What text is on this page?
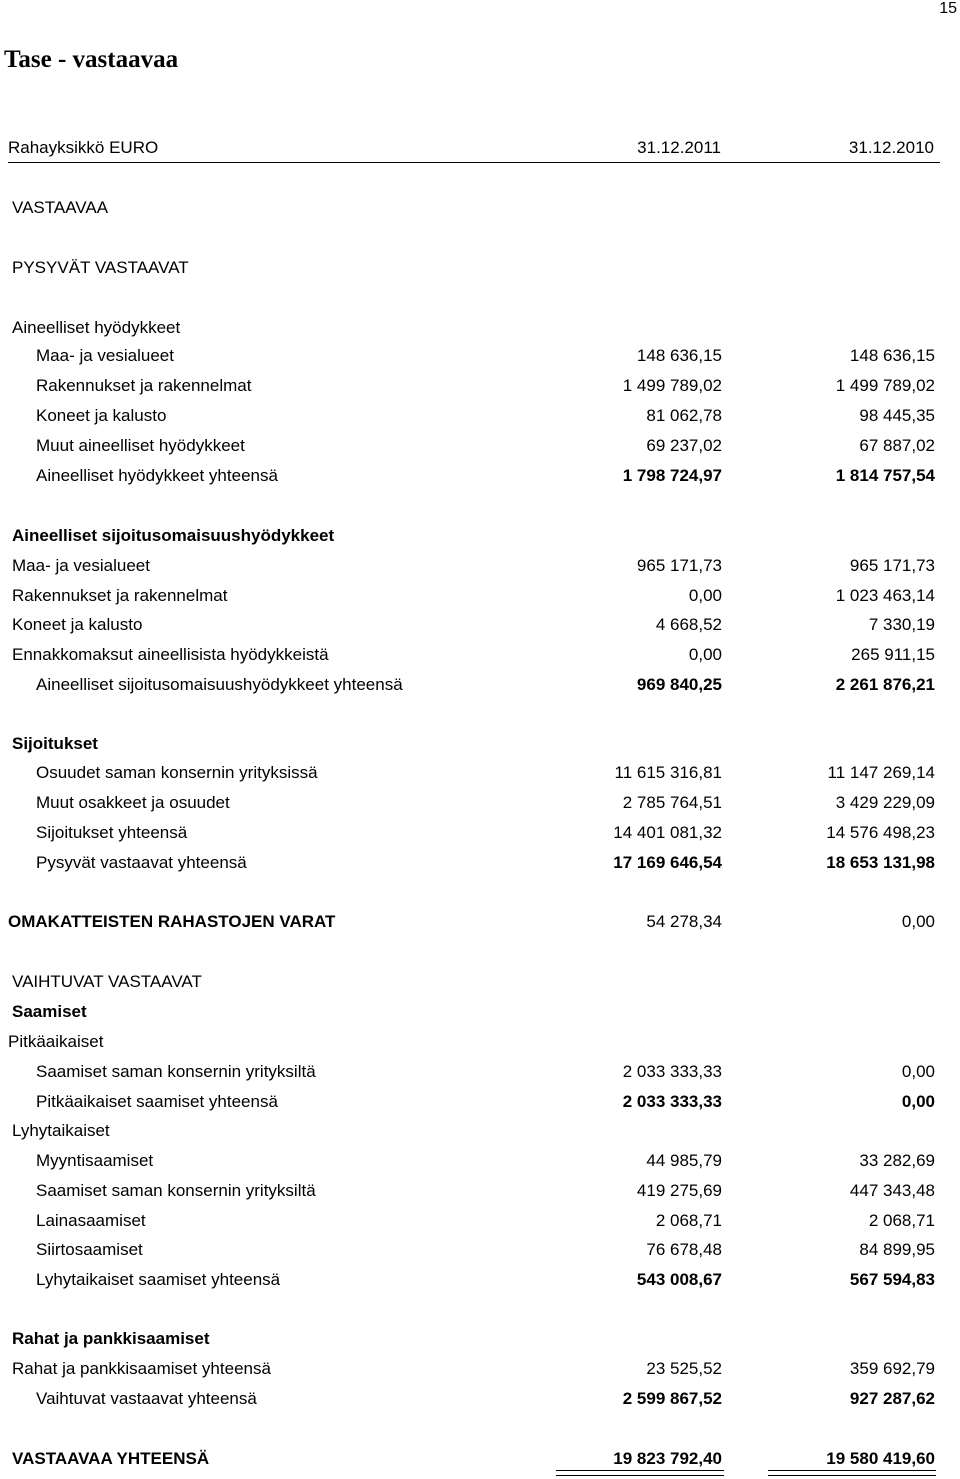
15
Tase - vastaavaa
Rahayksikkö EURO	31.12.2011	31.12.2010
VASTAAVAA
PYSYVÄT VASTAAVAT
Aineelliset hyödykkeet
Maa- ja vesialueet	148 636,15	148 636,15
Rakennukset ja rakennelmat	1 499 789,02	1 499 789,02
Koneet ja kalusto	81 062,78	98 445,35
Muut aineelliset hyödykkeet	69 237,02	67 887,02
Aineelliset hyödykkeet yhteensä	1 798 724,97	1 814 757,54
Aineelliset sijoitusomaisuushyödykkeet
Maa- ja vesialueet	965 171,73	965 171,73
Rakennukset ja rakennelmat	0,00	1 023 463,14
Koneet ja kalusto	4 668,52	7 330,19
Ennakkomaksut aineellisista hyödykkeistä	0,00	265 911,15
Aineelliset sijoitusomaisuushyödykkeet yhteensä	969 840,25	2 261 876,21
Sijoitukset
Osuudet saman konsernin yrityksissä	11 615 316,81	11 147 269,14
Muut osakkeet ja osuudet	2 785 764,51	3 429 229,09
Sijoitukset yhteensä	14 401 081,32	14 576 498,23
Pysyvät vastaavat yhteensä	17 169 646,54	18 653 131,98
OMAKATTEISTEN RAHASTOJEN VARAT	54 278,34	0,00
VAIHTUVAT VASTAAVAT
Saamiset
Pitkäaikaiset
Saamiset saman konsernin yrityksiltä	2 033 333,33	0,00
Pitkäaikaiset saamiset yhteensä	2 033 333,33	0,00
Lyhytaikaiset
Myyntisaamiset	44 985,79	33 282,69
Saamiset saman konsernin yrityksiltä	419 275,69	447 343,48
Lainasaamiset	2 068,71	2 068,71
Siirtosaamiset	76 678,48	84 899,95
Lyhytaikaiset saamiset yhteensä	543 008,67	567 594,83
Rahat ja pankkisaamiset
Rahat ja pankkisaamiset yhteensä	23 525,52	359 692,79
Vaihtuvat vastaavat yhteensä	2 599 867,52	927 287,62
VASTAAVAA YHTEENSÄ	19 823 792,40	19 580 419,60
